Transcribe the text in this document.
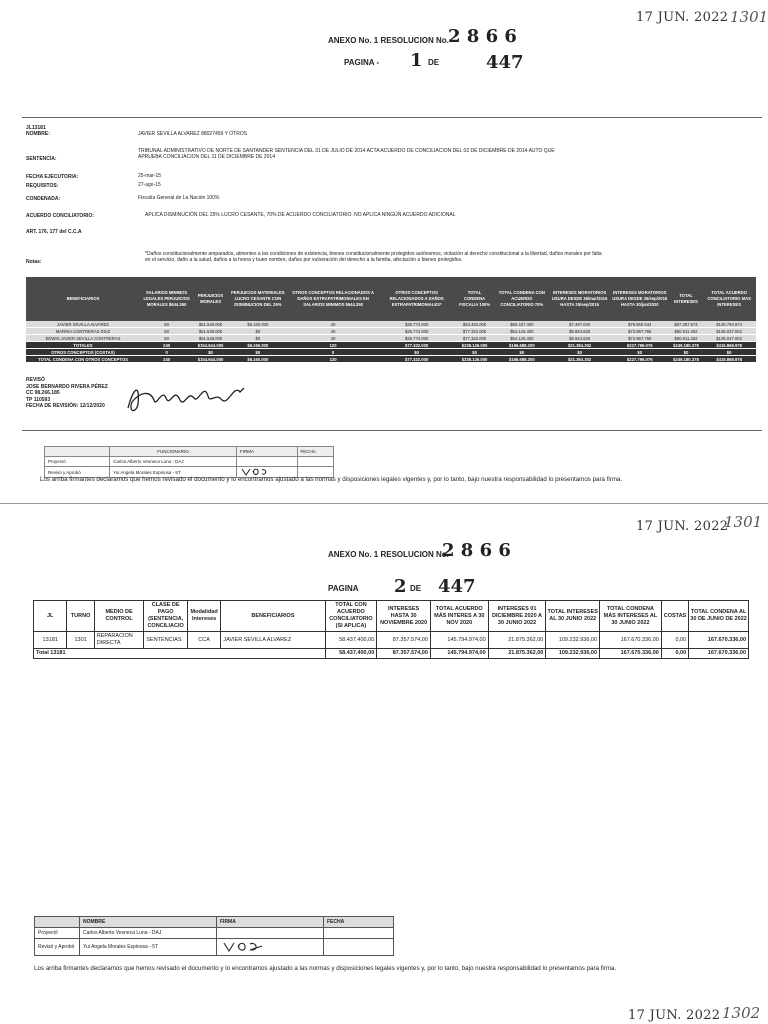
17 JUN. 2022 1301
ANEXO No. 1 RESOLUCION No. 2 8 6 6
PAGINA - 1 DE	447
JL13181
NOMBRE:	JAVIER SEVILLA ALVAREZ 88027459 Y OTROS
SENTENCIA:
TRIBUNAL ADMINISTRATIVO DE NORTE DE SANTANDER SENTENCIA DEL 31 DE JULIO DE 2014 ACTA ACUERDO DE CONCILIACION DEL 02 DE DICIEMBRE DE 2014 AUTO QUE APRUEBA CONCILIACION DEL 11 DE DICIEMBRE DE 2014
FECHA EJECUTORIA:	25-mar-15
REQUISITOS:	27-ago-15
CONDENADA:	Fiscalía General de La Nación 100%
ACUERDO CONCILIATORIO:	APLICA DISMINUCIÓN DEL 25% LUCRO CESANTE, 70% DE ACUERDO CONCILIATORIO. NO APLICA NINGÚN ACUERDO ADICIONAL
ART. 176, 177 del C.C.A
Notas:
*Daños constitucionalmente amparados, atinentes a las condiciones de existencia, bienes constitucionalmente protegidos autónomos, violación al derecho constitucional a la libertad, daños morales por falta en el servicio, daño a la salud, daños a la honra y buen nombre, daños por vulneración del derecho a la familia, afectación a bienes protegidos.
BENEFICIARIOS	SALARIOS MINIMOS LEGALES PERJUICIOS MORALES $644.350	PERJUICIOS MORALES	PERJUICIOS MATERIALES LUCRO CESANTE CON DISMINUCION DEL 25%	OTROS CONCEPTOS RELACIONADOS A DAÑOS EXTRAPATRIMONIALES EN SALARIOS MINIMOS $644.350	OTROS CONCEPTOS RELACIONADOS A DAÑOS EXTRAPATRIMONIALES*	TOTAL CONDENA FISCALIA 100%	TOTAL CONDENA CON ACUERDO CONCILIATORIO 70%	INTERESES MORATORIOS USURA DESDE 26/mar/2015 HASTA 25/sep/2015	INTERESES MORATORIOS USURA DESDE 26/sep/2015 HASTA 30/jun/2020	TOTAL INTERESES	TOTAL ACUERDO CONCILIATORIO MAS INTERESES
JAVIER SEVILLA ALVAREZ	80	$51.548.000	$6.160.000	40	$25.774.000	$83.482.000	$58.437.400	$7.497.030	$79.860.544	$87.357.574	$145.794.974
MARINA CONTRERAS DIAZ	80	$51.548.000	$0	40	$25.774.000	$77.322.000	$54.125.400	$6.943.636	$73.967.766	$80.911.402	$135.037.002
EDWIN JAVIER SEVILLA CONTRERAS	80	$51.548.000	$0	40	$25.774.000	$77.322.000	$54.125.400	$6.943.636	$73.967.766	$80.911.402	$135.037.002
TOTALES	240	$154.644.000	$6.160.000	120	$77.322.000	$238.126.000	$166.688.200	$21.384.302	$227.796.076	$249.180.378	$415.868.978
OTROS CONCEPTOS (COSTAS)	0	$0	$0	0	$0	$0	$0	$0	$0	$0	$0
TOTAL CONDENA CON OTROS CONCEPTOS	240	$154.644.000	$6.160.000	120	$77.322.000	$238.126.000	$166.688.200	$21.384.302	$227.796.076	$249.180.378	$415.868.978
REVISÓ
JOSE BERNARDO RIVERA PÉREZ
CC 98.266.185
TP 110593
FECHA DE REVISIÓN: 12/12/2020
	FUNCIONARIO	FIRMA	FECHA
Proyectó	Carlos Alberto Vesneca Luna - DAJ		
Revisó y Aprobó	Yui Angela Morales Espinosa - 5T		
Los arriba firmantes declaramos que hemos revisado el documento y lo encontramos ajustado a las normas y disposiciones legales vigentes y, por lo tanto, bajo nuestra responsabilidad lo presentamos para firma.
17 JUN. 2022
1301
ANEXO No. 1 RESOLUCION No.
2 8 6 6
PAGINA 2 DE 447
JL	TURNO	MEDIO DE CONTROL	CLASE DE PAGO (SENTENCIA, CONCILIACIO	Modalidad Intereses	BENEFICIARIOS	TOTAL CON ACUERDO CONCILIATORIO (SI APLICA)	INTERESES HASTA 30 NOVIEMBRE 2020	TOTAL ACUERDO MÁS INTERES A 30 NOV 2020	INTERESES 01 DICIEMBRE 2020 A 30 JUNIO 2022	TOTAL INTERESES AL 30 JUNIO 2022	TOTAL CONDENA MÁS INTERESES AL 30 JUNIO 2022	COSTAS	TOTAL CONDENA AL 30 DE JUNIO DE 2022
13181	1301	REPARACION DIRECTA	SENTENCIAS	CCA	JAVIER SEVILLA ALVAREZ	58.437.400,00	87.357.574,00	145.794.974,00	21.875.362,00	109.232.936,00	167.670.336,00	0,00	167.670.336,00
Total 13181						58.437.400,00	87.357.574,00	145.794.974,00	21.875.362,00	109.232.936,00	167.670.336,00	0,00	167.670.336,00
	NOMBRE	FIRMA	FECHA
Proyectó	Carlos Alberto Vesneca Luna - DAJ		
Revisó y Aprobó	Yui Angela Morales Espinosa - 5T		
Los arriba firmantes declaramos que hemos revisado el documento y lo encontramos ajustado a las normas y disposiciones legales vigentes y, por lo tanto, bajo nuestra responsabilidad lo presentamos para firma.
17 JUN. 2022 1302
